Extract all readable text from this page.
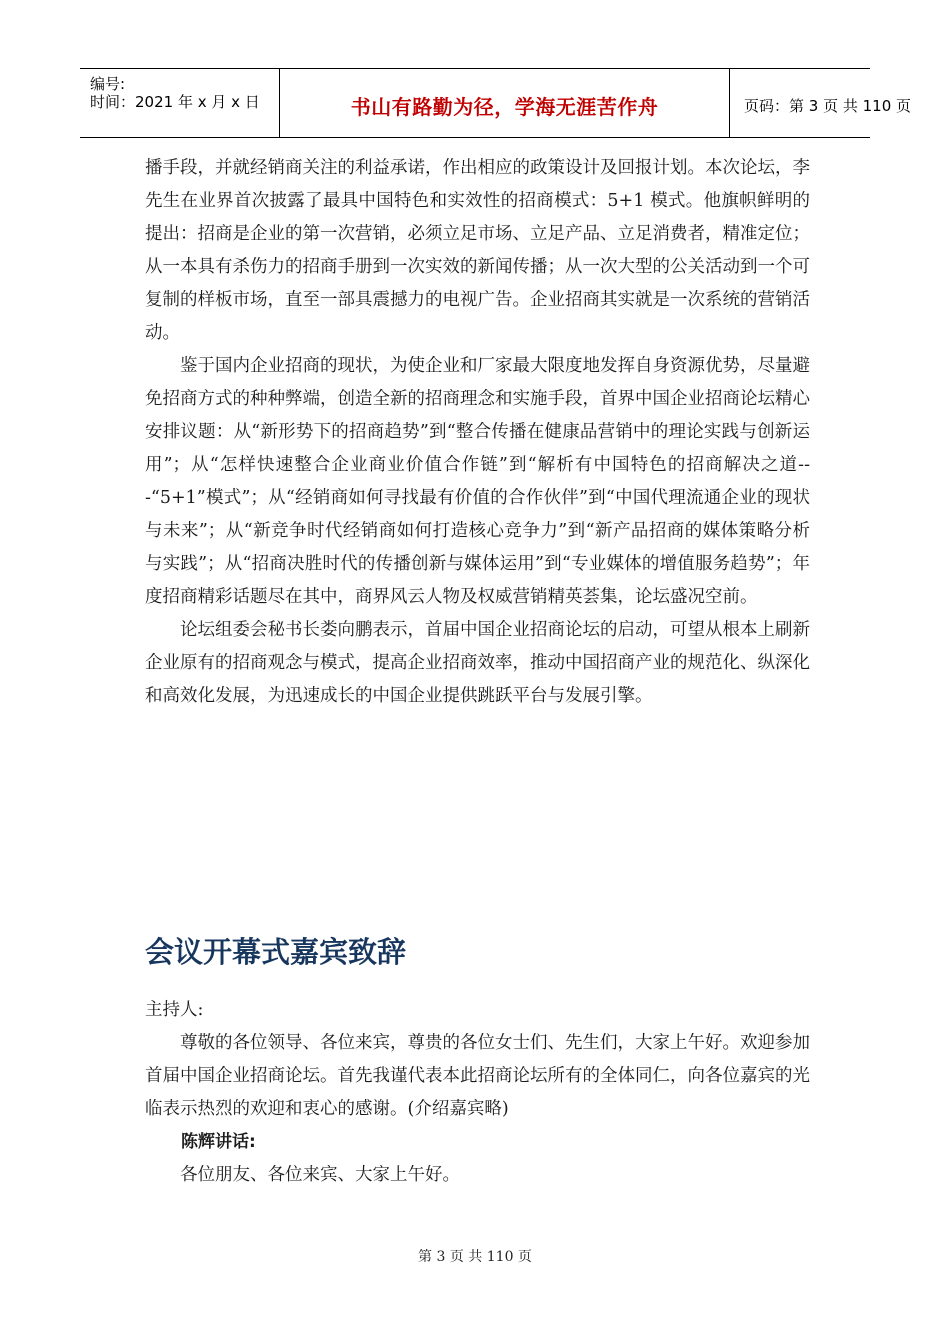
编号:
时间：2021 年 x 月 x 日	书山有路勤为径，学海无涯苦作舟	页码：第 3 页 共 110 页

播手段，并就经销商关注的利益承诺，作出相应的政策设计及回报计划。本次论坛，李先生在业界首次披露了最具中国特色和实效性的招商模式：5+1 模式。他旗帜鲜明的提出：招商是企业的第一次营销，必须立足市场、立足产品、立足消费者，精准定位；从一本具有杀伤力的招商手册到一次实效的新闻传播；从一次大型的公关活动到一个可复制的样板市场，直至一部具震撼力的电视广告。企业招商其实就是一次系统的营销活动。

鉴于国内企业招商的现状，为使企业和厂家最大限度地发挥自身资源优势，尽量避免招商方式的种种弊端，创造全新的招商理念和实施手段，首界中国企业招商论坛精心安排议题：从“新形势下的招商趋势”到“整合传播在健康品营销中的理论实践与创新运用”；从“怎样快速整合企业商业价值合作链”到“解析有中国特色的招商解决之道---“5+1”模式”；从“经销商如何寻找最有价值的合作伙伴”到“中国代理流通企业的现状与未来”；从“新竞争时代经销商如何打造核心竞争力”到“新产品招商的媒体策略分析与实践”；从“招商决胜时代的传播创新与媒体运用”到“专业媒体的增值服务趋势”；年度招商精彩话题尽在其中，商界风云人物及权威营销精英荟集，论坛盛况空前。

论坛组委会秘书长娄向鹏表示，首届中国企业招商论坛的启动，可望从根本上刷新企业原有的招商观念与模式，提高企业招商效率，推动中国招商产业的规范化、纵深化和高效化发展，为迅速成长的中国企业提供跳跃平台与发展引擎。

会议开幕式嘉宾致辞

主持人:

尊敬的各位领导、各位来宾，尊贵的各位女士们、先生们，大家上午好。欢迎参加首届中国企业招商论坛。首先我谨代表本此招商论坛所有的全体同仁，向各位嘉宾的光临表示热烈的欢迎和衷心的感谢。(介绍嘉宾略)

陈辉讲话:

各位朋友、各位来宾、大家上午好。

第 3 页 共 110 页
